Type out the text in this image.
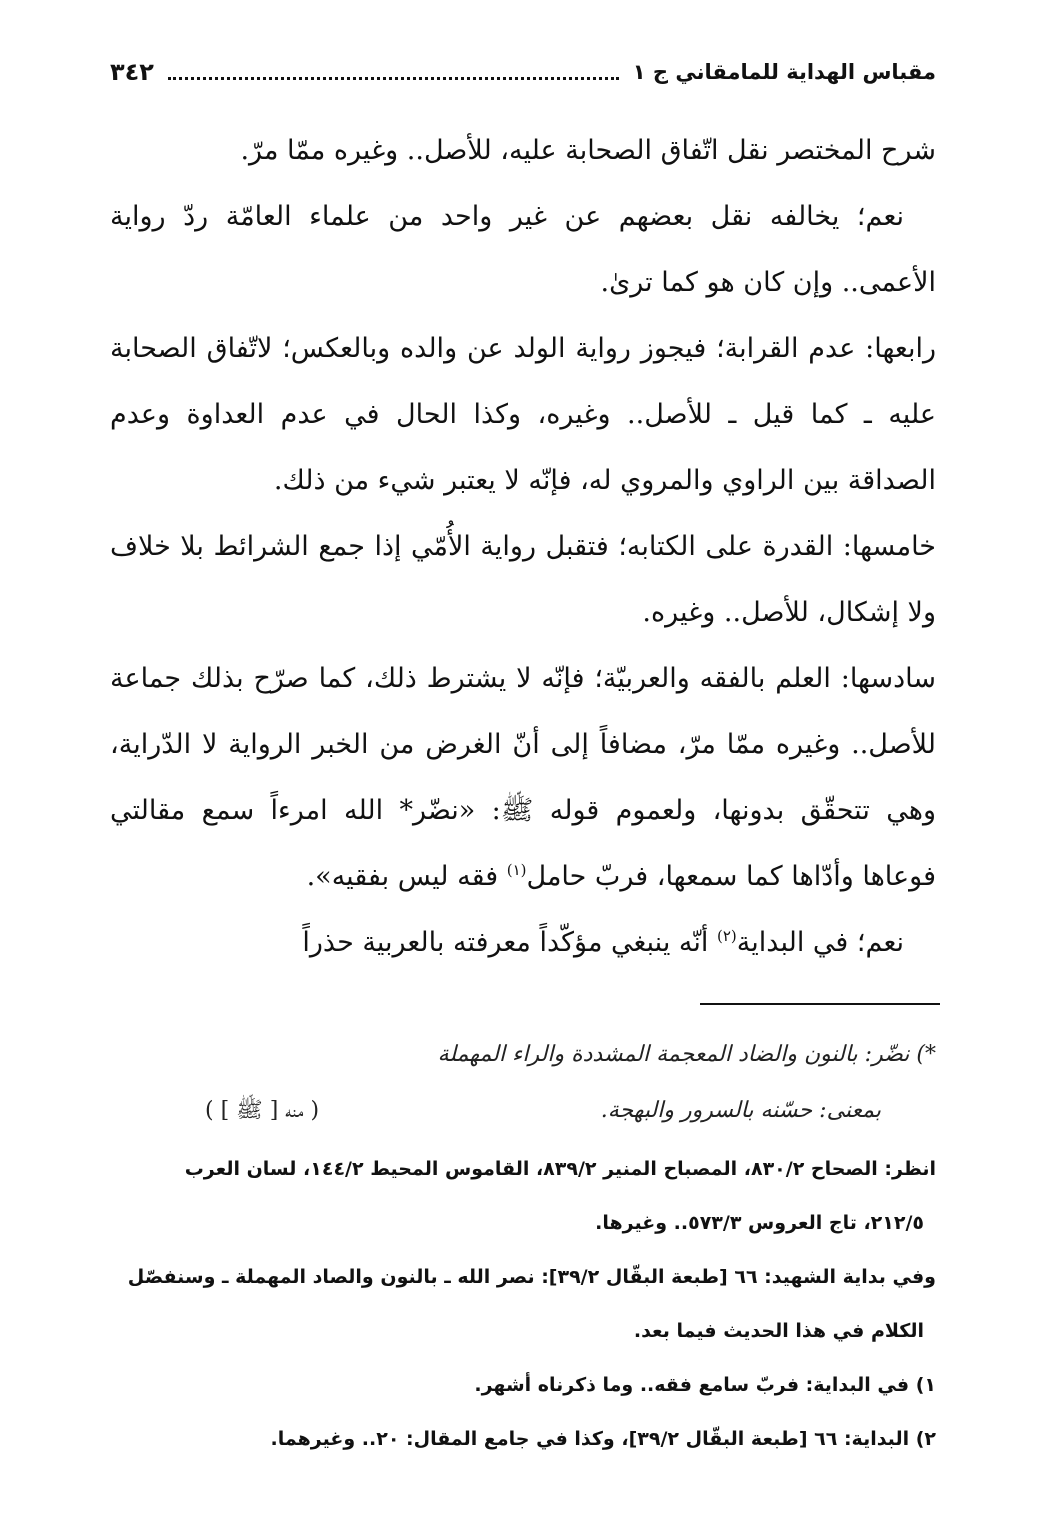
مقباس الهداية للمامقاني ج ١
٣٤٢

شرح المختصر نقل اتّفاق الصحابة عليه، للأصل.. وغيره ممّا مرّ.

نعم؛ يخالفه نقل بعضهم عن غير واحد من علماء العامّة ردّ رواية الأعمى.. وإن كان هو كما ترىٰ.

رابعها: عدم القرابة؛ فيجوز رواية الولد عن والده وبالعكس؛ لاتّفاق الصحابة عليه ـ كما قيل ـ للأصل.. وغيره، وكذا الحال في عدم العداوة وعدم الصداقة بين الراوي والمروي له، فإنّه لا يعتبر شيء من ذلك.

خامسها: القدرة على الكتابه؛ فتقبل رواية الأُمّي إذا جمع الشرائط بلا خلاف ولا إشكال، للأصل.. وغيره.

سادسها: العلم بالفقه والعربيّة؛ فإنّه لا يشترط ذلك، كما صرّح بذلك جماعة للأصل.. وغيره ممّا مرّ، مضافاً إلى أنّ الغرض من الخبر الرواية لا الدّراية، وهي تتحقّق بدونها، ولعموم قوله ﷺ: «نضّر* الله امرءاً سمع مقالتي فوعاها وأدّاها كما سمعها، فربّ حامل$^{(١)}$ فقه ليس بفقيه».

نعم؛ في البداية$^{(٢)}$ أنّه ينبغي مؤكّداً معرفته بالعربية حذراً

*) نضّر: بالنون والضاد المعجمة المشددة والراء المهملة
بمعنى: حسّنه بالسرور والبهجة.
( منه [ ﷺ ] )

انظر: الصحاح ٨٣٠/٢، المصباح المنير ٨٣٩/٢، القاموس المحيط ١٤٤/٢، لسان العرب

٢١٢/٥، تاج العروس ٥٧٣/٣.. وغيرها.

وفي بداية الشهيد: ٦٦ [طبعة البقّال ٣٩/٢]: نصر الله ـ بالنون والصاد المهملة ـ وسنفصّل

الكلام في هذا الحديث فيما بعد.

١) في البداية: فربّ سامع فقه.. وما ذكرناه أشهر.

٢) البداية: ٦٦ [طبعة البقّال ٣٩/٢]، وكذا في جامع المقال: ٢٠.. وغيرهما.
